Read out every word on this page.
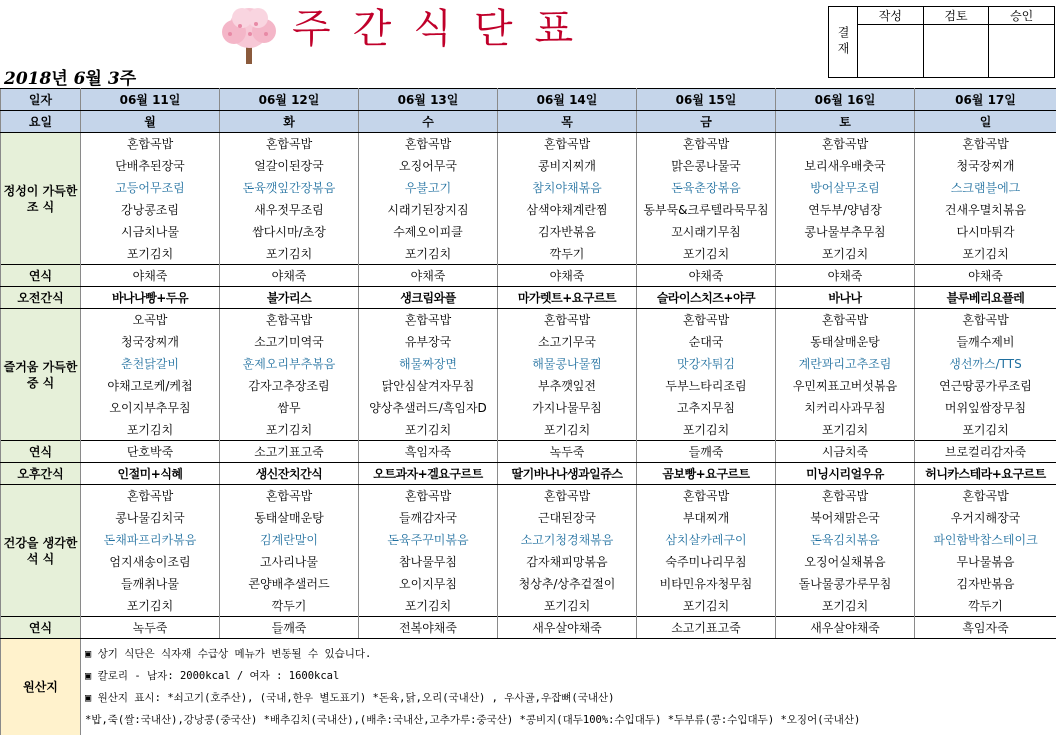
주간식단표	결재
작성	검토	승인
2018년 6월 3주
일자	06월 11일	06월 12일	06월 13일	06월 14일	06월 15일	06월 16일	06월 17일
요일	월	화	수	목	금	토	일
정성이 가득한 조 식	혼합곡밥	혼합곡밥	혼합곡밥	혼합곡밥	혼합곡밥	혼합곡밥	혼합곡밥
	단배추된장국	얼갈이된장국	오징어무국	콩비지찌개	맑은콩나물국	보리새우배춧국	청국장찌개
	고등어무조림	돈육깻잎간장볶음	우불고기	참치야채볶음	돈육춘장볶음	방어살무조림	스크램블에그
	강낭콩조림	새우젓무조림	시래기된장지짐	삼색야채계란찜	동부묵&크루텔라묵무침	연두부/양념장	건새우멸치볶음
	시금치나물	쌈다시마/초장	수제오이피클	김자반볶음	꼬시래기무침	콩나물부추무침	다시마튀각
	포기김치	포기김치	포기김치	깍두기	포기김치	포기김치	포기김치
연식	야채죽	야채죽	야채죽	야채죽	야채죽	야채죽	야채죽
오전간식	바나나빵+두유	불가리스	생크림와플	마가렛트+요구르트	슬라이스치즈+야쿠	바나나	블루베리요플레
즐거움 가득한 중 식	오곡밥	혼합곡밥	혼합곡밥	혼합곡밥	혼합곡밥	혼합곡밥	혼합곡밥
	청국장찌개	소고기미역국	유부장국	소고기무국	순대국	동태살매운탕	들깨수제비
	춘천닭갈비	훈제오리부추볶음	해물짜장면	해물콩나물찜	맛강자튀김	계란꽈리고추조림	생선까스/TTS
	야채고로케/케첩	감자고추장조림	닭안심살겨자무침	부추깻잎전	두부느타리조림	우민찌표고버섯볶음	연근땅콩가루조림
	오이지부추무침	쌈무	양상추샐러드/흑임자D	가지나물무침	고추지무침	치커리사과무침	머위잎쌈장무침
	포기김치	포기김치	포기김치	포기김치	포기김치	포기김치	포기김치
연식	단호박죽	소고기표고죽	흑임자죽	녹두죽	들깨죽	시금치죽	브로컬리감자죽
오후간식	인절미+식혜	생신잔치간식	오트과자+겔요구르트	딸기바나나생과일쥬스	곰보빵+요구르트	미닝시리얼우유	허니카스테라+요구르트
건강을 생각한 석 식	혼합곡밥	혼합곡밥	혼합곡밥	혼합곡밥	혼합곡밥	혼합곡밥	혼합곡밥
	콩나물김치국	동태살매운탕	들깨감자국	근대된장국	부대찌개	북어채맑은국	우거지해장국
	돈채파프리카볶음	김계란말이	돈육주꾸미볶음	소고기청경채볶음	삼치살카레구이	돈육김치볶음	파인함박찹스테이크
	엄지새송이조림	고사리나물	참나물무침	감자채피망볶음	숙주미나리무침	오징어실채볶음	무나물볶음
	들깨취나물	콘양배추샐러드	오이지무침	청상추/상추겉절이	비타민유자청무침	돌나물콩가루무침	김자반볶음
	포기김치	깍두기	포기김치	포기김치	포기김치	포기김치	깍두기
연식	녹두죽	들깨죽	전복야채죽	새우살야채죽	소고기표고죽	새우살야채죽	흑임자죽
원산지	▣ 상기 식단은 식자재 수급상 메뉴가 변동될 수 있습니다.
▣ 칼로리 - 남자: 2000kcal / 여자 : 1600kcal
▣ 원산지 표시: *쇠고기(호주산), (국내,한우 별도표기) *돈육,닭,오리(국내산) , 우사골,우잡뼈(국내산)
*밥,죽(쌀:국내산),강낭콩(중국산) *배추김치(국내산),(배추:국내산,고추가루:중국산) *콩비지(대두100%:수입대두) *두부류(콩:수입대두) *오징어(국내산)						
